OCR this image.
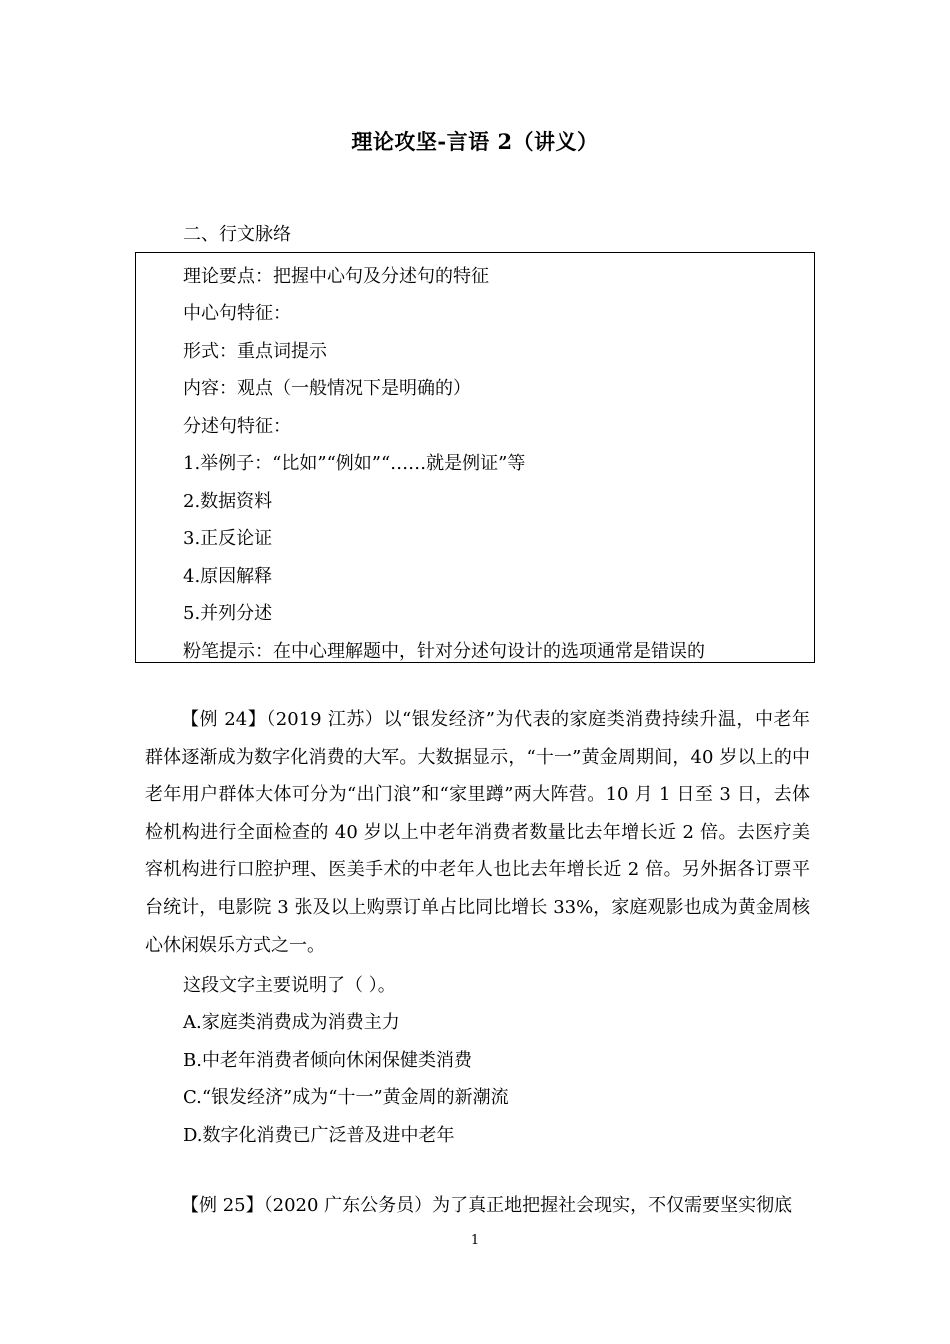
理论攻坚-言语 2（讲义）
二、行文脉络
理论要点：把握中心句及分述句的特征
中心句特征：
形式：重点词提示
内容：观点（一般情况下是明确的）
分述句特征：
1.举例子：“比如”“例如”“……就是例证”等
2.数据资料
3.正反论证
4.原因解释
5.并列分述
粉笔提示：在中心理解题中，针对分述句设计的选项通常是错误的

【例 24】（2019 江苏）以“银发经济”为代表的家庭类消费持续升温，中老年群体逐渐成为数字化消费的大军。大数据显示，“十一”黄金周期间，40 岁以上的中老年用户群体大体可分为“出门浪”和“家里蹲”两大阵营。10 月 1 日至 3 日，去体检机构进行全面检查的 40 岁以上中老年消费者数量比去年增长近 2 倍。去医疗美容机构进行口腔护理、医美手术的中老年人也比去年增长近 2 倍。另外据各订票平台统计，电影院 3 张及以上购票订单占比同比增长 33%，家庭观影也成为黄金周核心休闲娱乐方式之一。

这段文字主要说明了（ ）。
A.家庭类消费成为消费主力
B.中老年消费者倾向休闲保健类消费
C.“银发经济”成为“十一”黄金周的新潮流
D.数字化消费已广泛普及进中老年

【例 25】（2020 广东公务员）为了真正地把握社会现实，不仅需要坚实彻底

1
